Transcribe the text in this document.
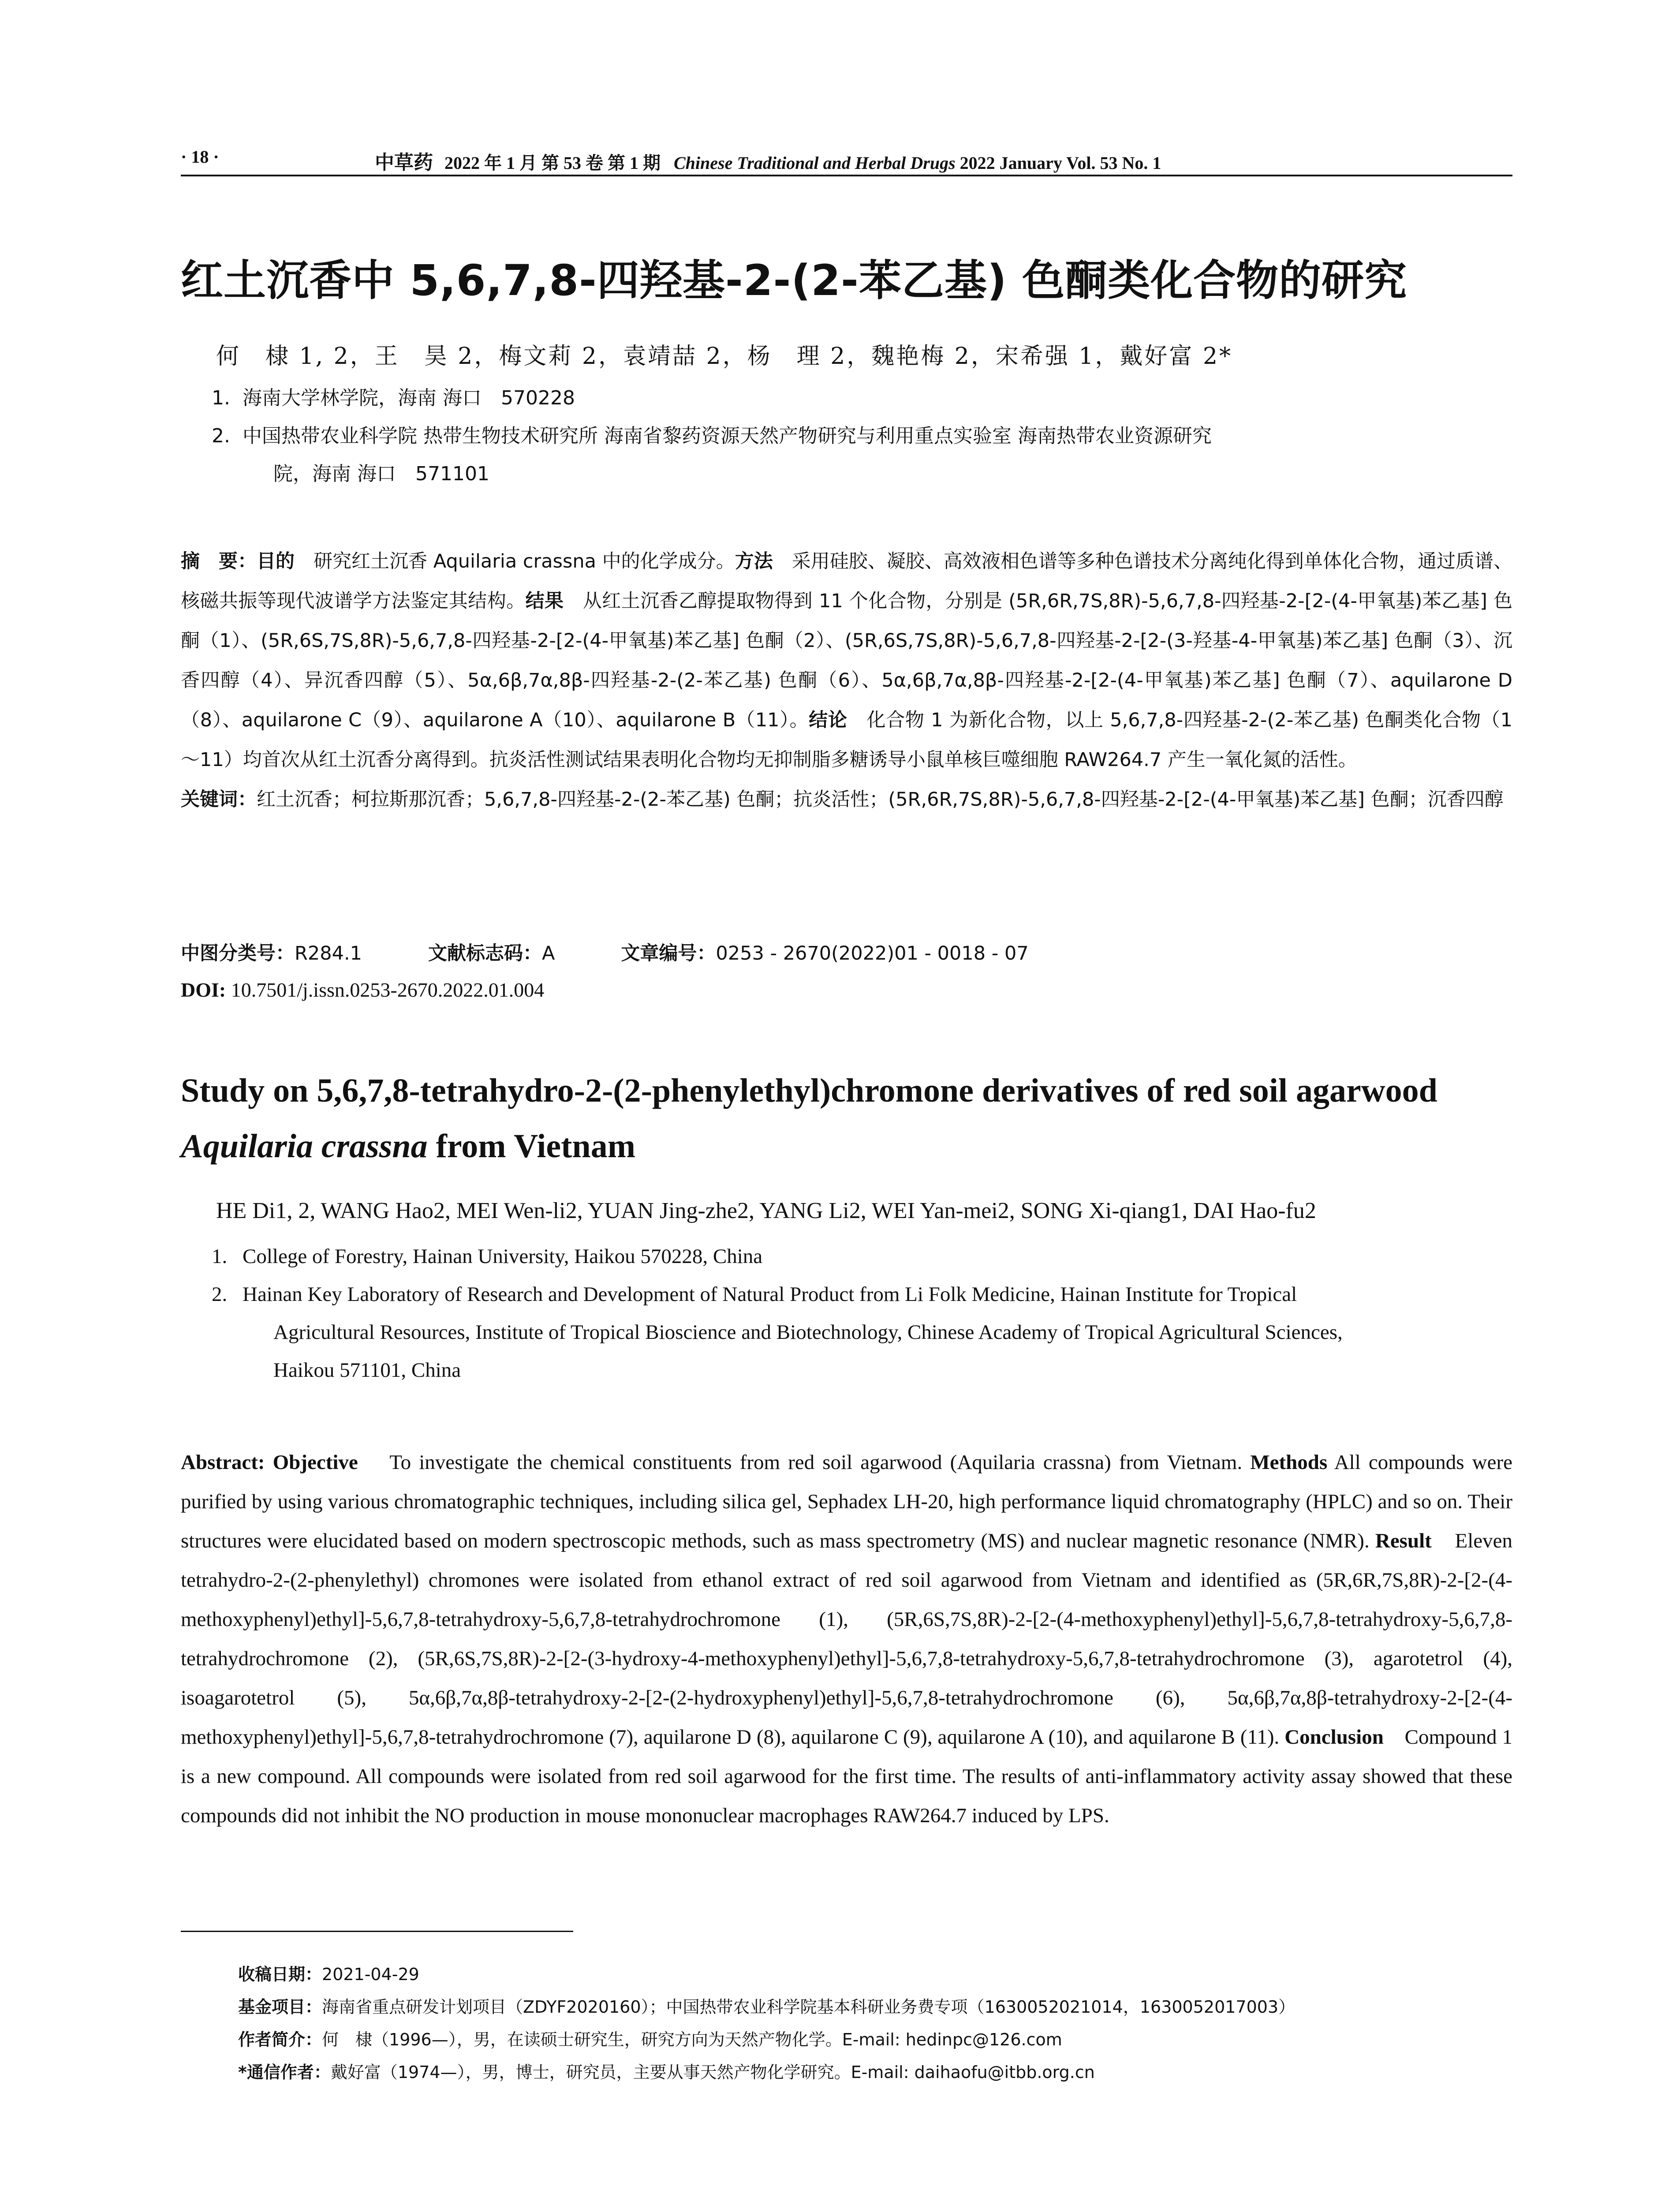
· 18 ·	中草药 2022 年 1 月 第 53 卷 第 1 期 Chinese Traditional and Herbal Drugs 2022 January Vol. 53 No. 1
红土沉香中 5,6,7,8-四羟基-2-(2-苯乙基) 色酮类化合物的研究
何　棣 1, 2，王　昊 2，梅文莉 2，袁靖喆 2，杨　理 2，魏艳梅 2，宋希强 1，戴好富 2*
1. 海南大学林学院，海南 海口　570228
2. 中国热带农业科学院 热带生物技术研究所 海南省黎药资源天然产物研究与利用重点实验室 海南热带农业资源研究
院，海南 海口　571101

摘　要：目的　 研究红土沉香 Aquilaria crassna 中的化学成分。方法　 采用硅胶、凝胶、高效液相色谱等多种色谱技术分离纯化得到单体化合物，通过质谱、核磁共振等现代波谱学方法鉴定其结构。结果　 从红土沉香乙醇提取物得到 11 个化合物，分别是 (5R,6R,7S,8R)-5,6,7,8-四羟基-2-[2-(4-甲氧基)苯乙基] 色酮（1）、(5R,6S,7S,8R)-5,6,7,8-四羟基-2-[2-(4-甲氧基)苯乙基] 色酮（2）、(5R,6S,7S,8R)-5,6,7,8-四羟基-2-[2-(3-羟基-4-甲氧基)苯乙基] 色酮（3）、沉香四醇（4）、异沉香四醇（5）、5α,6β,7α,8β-四羟基-2-(2-苯乙基) 色酮（6）、5α,6β,7α,8β-四羟基-2-[2-(4-甲氧基)苯乙基] 色酮（7）、aquilarone D（8）、aquilarone C（9）、aquilarone A（10）、aquilarone B（11）。结论　 化合物 1 为新化合物，以上 5,6,7,8-四羟基-2-(2-苯乙基) 色酮类化合物（1～11）均首次从红土沉香分离得到。抗炎活性测试结果表明化合物均无抑制脂多糖诱导小鼠单核巨噬细胞 RAW264.7 产生一氧化氮的活性。

关键词：红土沉香；柯拉斯那沉香；5,6,7,8-四羟基-2-(2-苯乙基) 色酮；抗炎活性；(5R,6R,7S,8R)-5,6,7,8-四羟基-2-[2-(4-甲氧基)苯乙基] 色酮；沉香四醇

中图分类号：R284.1	文献标志码：A	文章编号：0253 - 2670(2022)01 - 0018 - 07
DOI: 10.7501/j.issn.0253-2670.2022.01.004
Study on 5,6,7,8-tetrahydro-2-(2-phenylethyl)chromone derivatives of red soil agarwood Aquilaria crassna from Vietnam
HE Di1, 2, WANG Hao2, MEI Wen-li2, YUAN Jing-zhe2, YANG Li2, WEI Yan-mei2, SONG Xi-qiang1, DAI Hao-fu2
1. College of Forestry, Hainan University, Haikou 570228, China
2. Hainan Key Laboratory of Research and Development of Natural Product from Li Folk Medicine, Hainan Institute for Tropical
Agricultural Resources, Institute of Tropical Bioscience and Biotechnology, Chinese Academy of Tropical Agricultural Sciences,
Haikou 571101, China

Abstract: Objective To investigate the chemical constituents from red soil agarwood (Aquilaria crassna) from Vietnam. Methods All compounds were purified by using various chromatographic techniques, including silica gel, Sephadex LH-20, high performance liquid chromatography (HPLC) and so on. Their structures were elucidated based on modern spectroscopic methods, such as mass spectrometry (MS) and nuclear magnetic resonance (NMR). Result Eleven tetrahydro-2-(2-phenylethyl) chromones were isolated from ethanol extract of red soil agarwood from Vietnam and identified as (5R,6R,7S,8R)-2-[2-(4-methoxyphenyl)ethyl]-5,6,7,8-tetrahydroxy-5,6,7,8-tetrahydrochromone (1), (5R,6S,7S,8R)-2-[2-(4-methoxyphenyl)ethyl]-5,6,7,8-tetrahydroxy-5,6,7,8-tetrahydrochromone (2), (5R,6S,7S,8R)-2-[2-(3-hydroxy-4-methoxyphenyl)ethyl]-5,6,7,8-tetrahydroxy-5,6,7,8-tetrahydrochromone (3), agarotetrol (4), isoagarotetrol (5), 5α,6β,7α,8β-tetrahydroxy-2-[2-(2-hydroxyphenyl)ethyl]-5,6,7,8-tetrahydrochromone (6), 5α,6β,7α,8β-tetrahydroxy-2-[2-(4-methoxyphenyl)ethyl]-5,6,7,8-tetrahydrochromone (7), aquilarone D (8), aquilarone C (9), aquilarone A (10), and aquilarone B (11). Conclusion Compound 1 is a new compound. All compounds were isolated from red soil agarwood for the first time. The results of anti-inflammatory activity assay showed that these compounds did not inhibit the NO production in mouse mononuclear macrophages RAW264.7 induced by LPS.

收稿日期：2021-04-29
基金项目：海南省重点研发计划项目（ZDYF2020160）；中国热带农业科学院基本科研业务费专项（1630052021014，1630052017003）
作者简介：何　棣（1996—），男，在读硕士研究生，研究方向为天然产物化学。E-mail: hedinpc@126.com
*通信作者：戴好富（1974—），男，博士，研究员，主要从事天然产物化学研究。E-mail: daihaofu@itbb.org.cn
